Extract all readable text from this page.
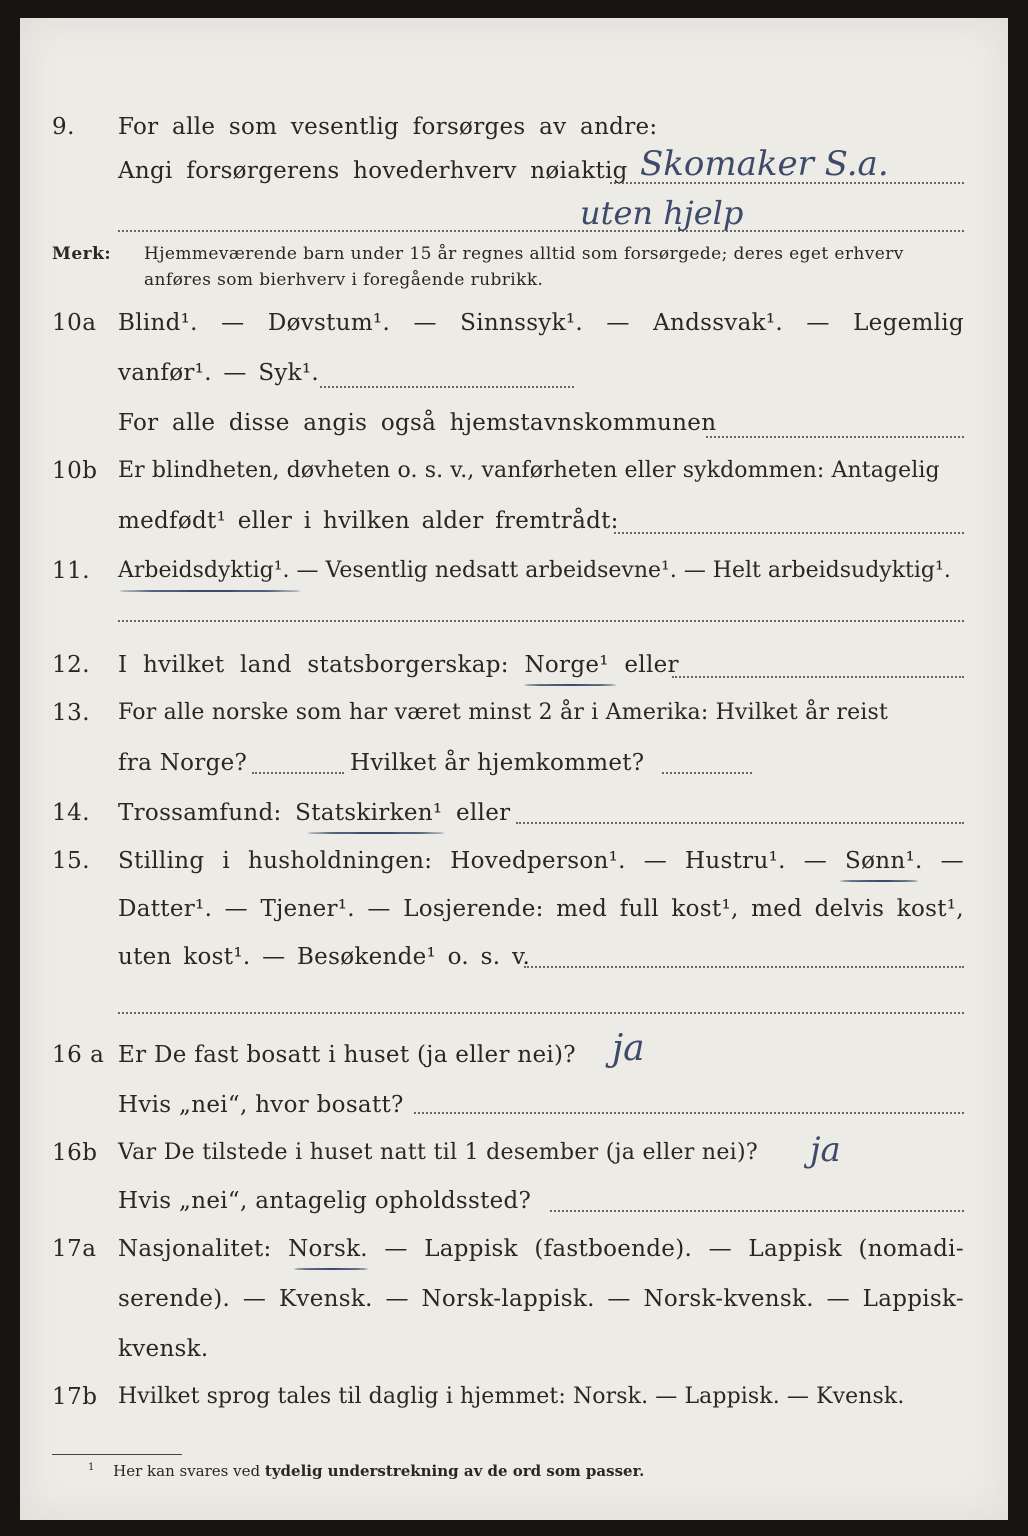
9. For alle som vesentlig forsørges av andre:
Angi forsørgerens hovederhverv nøiaktig Skomaker S.a.
uten hjelp
Merk: Hjemmeværende barn under 15 år regnes alltid som forsørgede; deres eget erhverv
anføres som bierhverv i foregående rubrikk.
10a Blind¹. — Døvstum¹. — Sinnssyk¹. — Andssvak¹. — Legemlig
vanfør¹. — Syk¹.
For alle disse angis også hjemstavnskommunen
10b Er blindheten, døvheten o. s. v., vanførheten eller sykdommen: Antagelig
medfødt¹ eller i hvilken alder fremtrådt:
11. Arbeidsdyktig¹. — Vesentlig nedsatt arbeidsevne¹. — Helt arbeidsudyktig¹.
12. I hvilket land statsborgerskap: Norge¹ eller
13. For alle norske som har været minst 2 år i Amerika: Hvilket år reist
fra Norge?	Hvilket år hjemkommet?
14. Trossamfund: Statskirken¹ eller
15. Stilling i husholdningen: Hovedperson¹. — Hustru¹. — Sønn¹. —
Datter¹. — Tjener¹. — Losjerende: med full kost¹, med delvis kost¹,
uten kost¹. — Besøkende¹ o. s. v.
16 a Er De fast bosatt i huset (ja eller nei)? ja
Hvis „nei“, hvor bosatt?
16b Var De tilstede i huset natt til 1 desember (ja eller nei)? ja
Hvis „nei“, antagelig opholdssted?
17a Nasjonalitet: Norsk. — Lappisk (fastboende). — Lappisk (nomadi-
serende). — Kvensk. — Norsk-lappisk. — Norsk-kvensk. — Lappisk-
kvensk.
17b Hvilket sprog tales til daglig i hjemmet: Norsk. — Lappisk. — Kvensk.
$^1$ Her kan svares ved tydelig understrekning av de ord som passer.
